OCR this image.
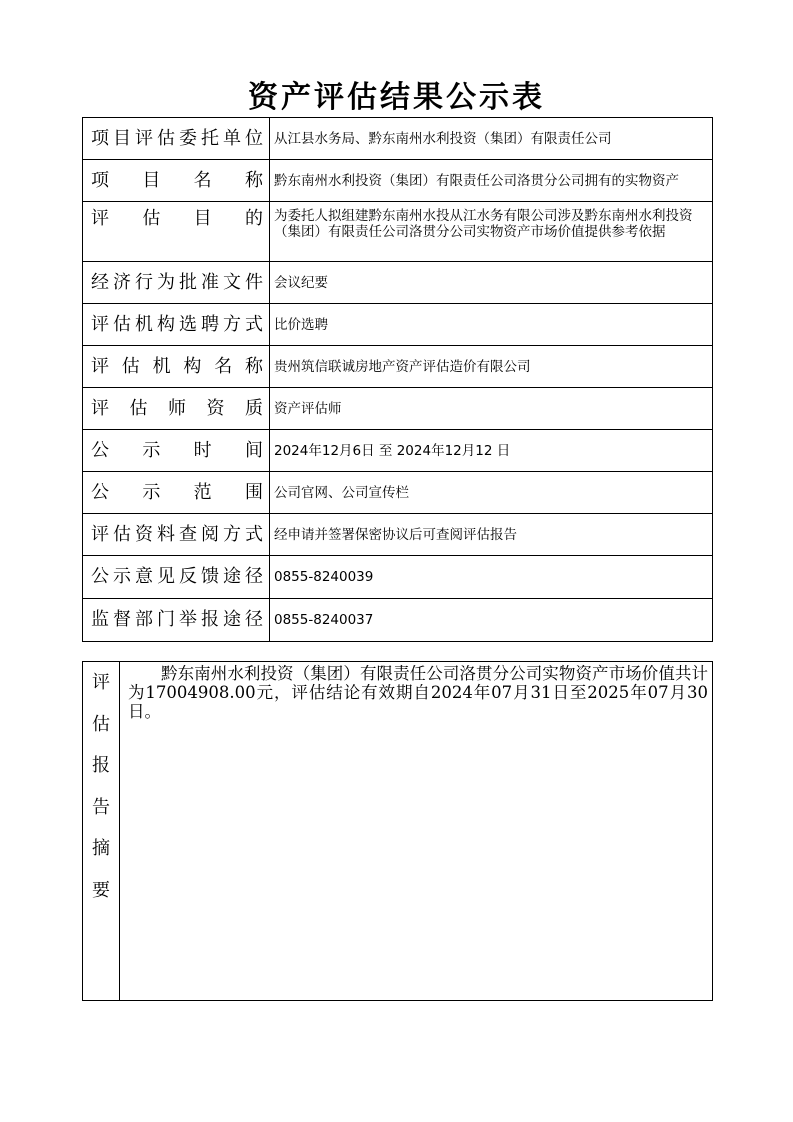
资产评估结果公示表
项目评估委托单位	从江县水务局、黔东南州水利投资（集团）有限责任公司
项目名称	黔东南州水利投资（集团）有限责任公司洛贯分公司拥有的实物资产
评估目的	为委托人拟组建黔东南州水投从江水务有限公司涉及黔东南州水利投资（集团）有限责任公司洛贯分公司实物资产市场价值提供参考依据
经济行为批准文件	会议纪要
评估机构选聘方式	比价选聘
评估机构名称	贵州筑信联诚房地产资产评估造价有限公司
评估师资质	资产评估师
公示时间	2024年12月6日 至 2024年12月12 日
公示范围	公司官网、公司宣传栏
评估资料查阅方式	经申请并签署保密协议后可查阅评估报告
公示意见反馈途径	0855-8240039
监督部门举报途径	0855-8240037
评
估
报
告
摘
要
	黔东南州水利投资（集团）有限责任公司洛贯分公司实物资产市场价值共计为17004908.00元，评估结论有效期自2024年07月31日至2025年07月30日。
